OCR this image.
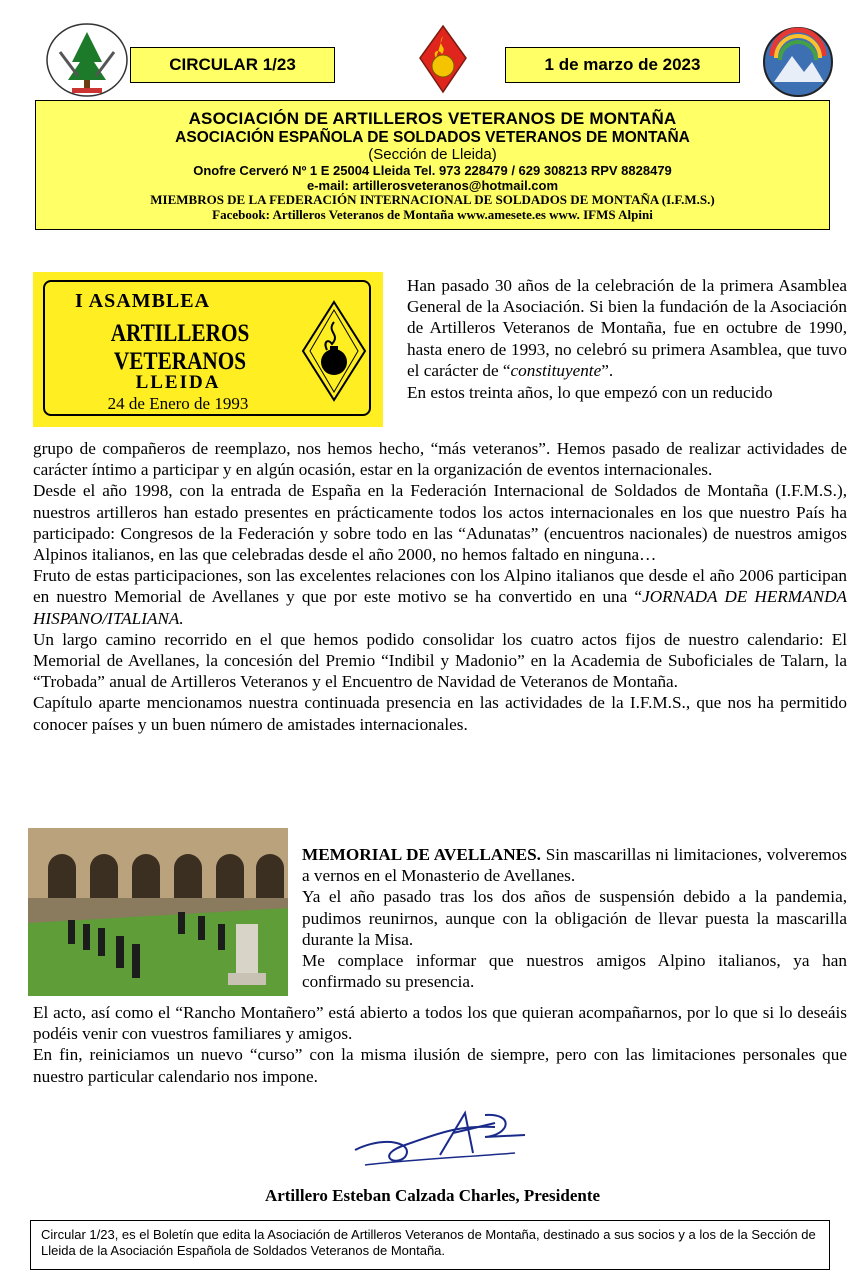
CIRCULAR 1/23	1 de marzo de 2023
ASOCIACIÓN DE ARTILLEROS VETERANOS DE MONTAÑA
ASOCIACIÓN ESPAÑOLA DE SOLDADOS VETERANOS DE MONTAÑA
(Sección de Lleida)
Onofre Cerveró Nº 1 E 25004 Lleida Tel. 973 228479 / 629 308213 RPV 8828479
e-mail: artillerosveteranos@hotmail.com
MIEMBROS DE LA FEDERACIÓN INTERNACIONAL DE SOLDADOS DE MONTAÑA (I.F.M.S.)
Facebook: Artilleros Veteranos de Montaña www.amesete.es www. IFMS Alpini
I ASAMBLEA
ARTILLEROS VETERANOS
LLEIDA
24 de Enero de 1993

Han pasado 30 años de la celebración de la primera Asamblea General de la Asociación. Si bien la fundación de la Asociación de Artilleros Veteranos de Montaña, fue en octubre de 1990, hasta enero de 1993, no celebró su primera Asamblea, que tuvo el carácter de “constituyente”.

En estos treinta años, lo que empezó con un reducido

grupo de compañeros de reemplazo, nos hemos hecho, “más veteranos”. Hemos pasado de realizar actividades de carácter íntimo a participar y en algún ocasión, estar en la organización de eventos internacionales.

Desde el año 1998, con la entrada de España en la Federación Internacional de Soldados de Montaña (I.F.M.S.), nuestros artilleros han estado presentes en prácticamente todos los actos internacionales en los que nuestro País ha participado: Congresos de la Federación y sobre todo en las “Adunatas” (encuentros nacionales) de nuestros amigos Alpinos italianos, en las que celebradas desde el año 2000, no hemos faltado en ninguna…

Fruto de estas participaciones, son las excelentes relaciones con los Alpino italianos que desde el año 2006 participan en nuestro Memorial de Avellanes y que por este motivo se ha convertido en una “JORNADA DE HERMANDA HISPANO/ITALIANA.

Un largo camino recorrido en el que hemos podido consolidar los cuatro actos fijos de nuestro calendario: El Memorial de Avellanes, la concesión del Premio “Indibil y Madonio” en la Academia de Suboficiales de Talarn, la “Trobada” anual de Artilleros Veteranos y el Encuentro de Navidad de Veteranos de Montaña.

Capítulo aparte mencionamos nuestra continuada presencia en las actividades de la I.F.M.S., que nos ha permitido conocer países y un buen número de amistades internacionales.

MEMORIAL DE AVELLANES. Sin mascarillas ni limitaciones, volveremos a vernos en el Monasterio de Avellanes.

Ya el año pasado tras los dos años de suspensión debido a la pandemia, pudimos reunirnos, aunque con la obligación de llevar puesta la mascarilla durante la Misa.

Me complace informar que nuestros amigos Alpino italianos, ya han confirmado su presencia.

El acto, así como el “Rancho Montañero” está abierto a todos los que quieran acompañarnos, por lo que si lo deseáis podéis venir con vuestros familiares y amigos.

En fin, reiniciamos un nuevo “curso” con la misma ilusión de siempre, pero con las limitaciones personales que nuestro particular calendario nos impone.

Artillero Esteban Calzada Charles, Presidente
Circular 1/23, es el Boletín que edita la Asociación de Artilleros Veteranos de Montaña, destinado a sus socios y a los de la Sección de Lleida de la Asociación Española de Soldados Veteranos de Montaña.
